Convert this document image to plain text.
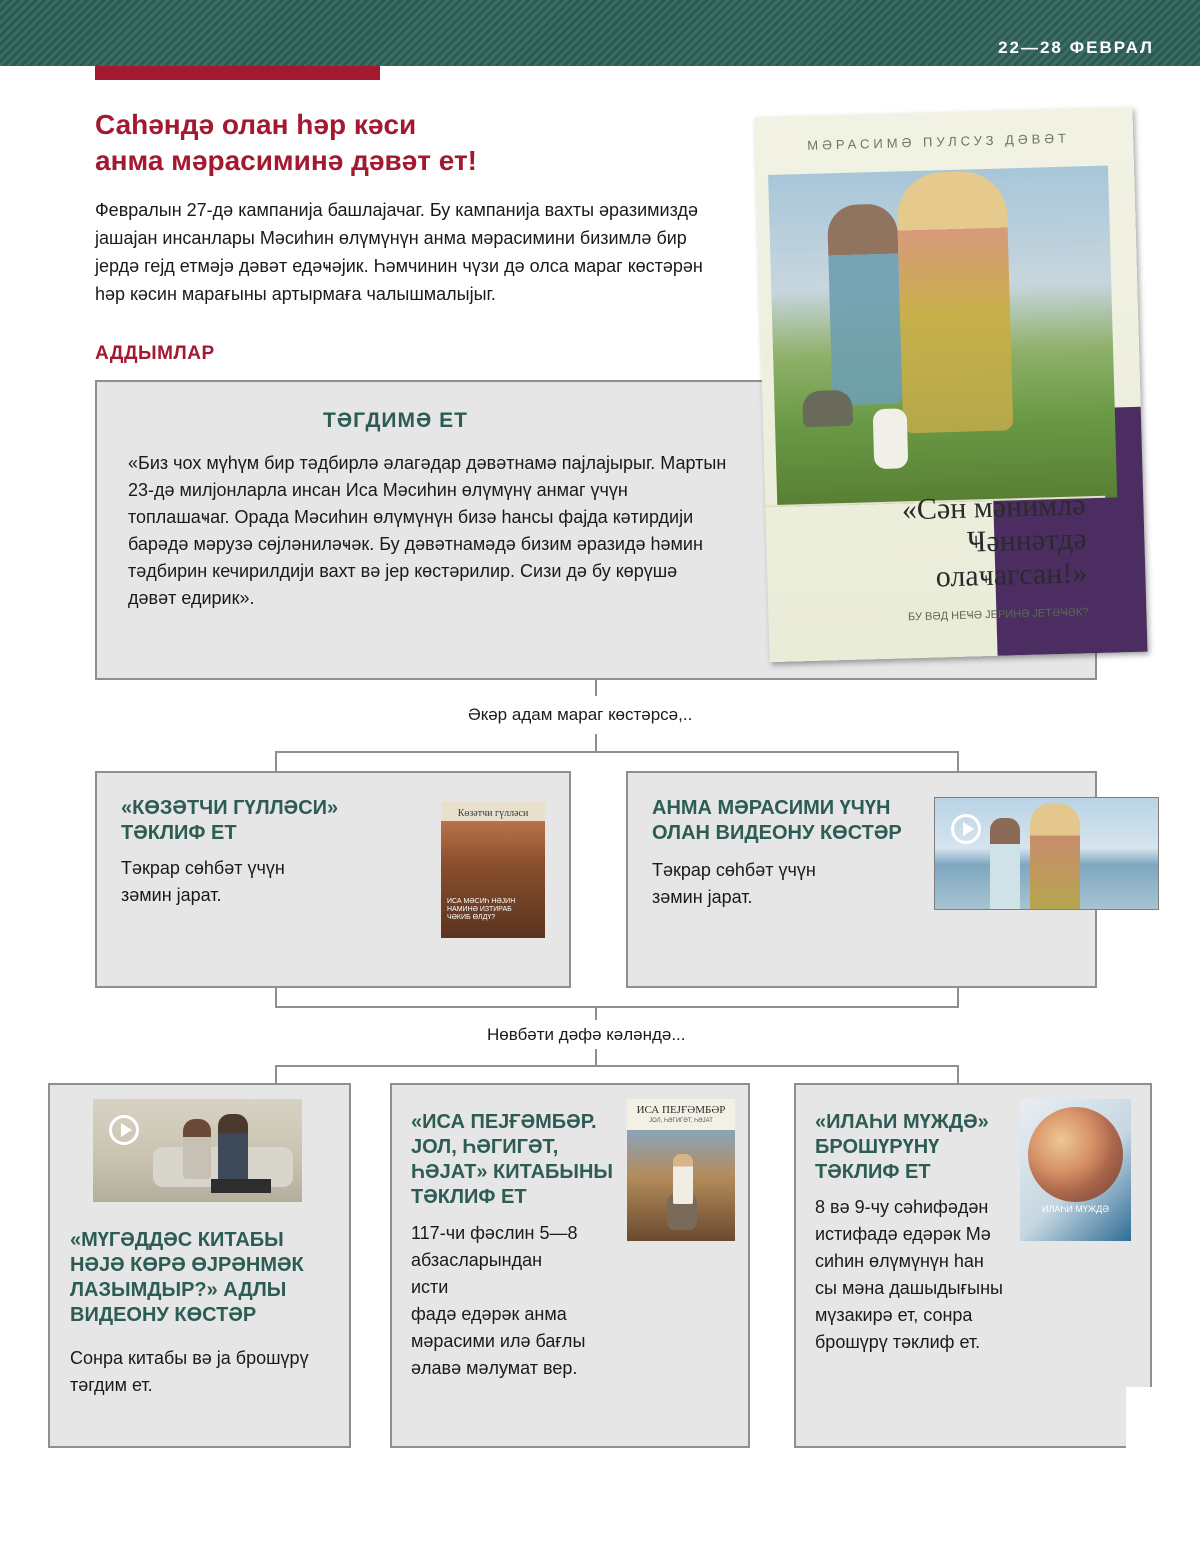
22—28 ФЕВРАЛ
Саһәндә олан һәр кәси
анма мәрасиминә дәвәт ет!

Февралын 27-дә кампанија башлајачаг. Бу кампанија вахты әразимиздә јашајан инсанлары Мәсиһин өлүмүнүн анма мәрасимини бизимлә бир јердә гејд етмәјә дәвәт едәҹәјик. Һәмчинин чүзи дә олса мараг көстәрән һәр кәсин марағыны артырмаға чалышмалыјыг.

АДДЫМЛАР
ТӘГДИМӘ ЕТ

«Биз чох мүһүм бир тәдбирлә әлагәдар дәвәтнамә пајлајырыг. Мартын 23-дә милјонларла инсан Иса Мәсиһин өлүмүнү анмаг үчүн топлашаҹаг. Орада Мәсиһин өлүмүнүн бизә һансы фајда кәтирдији барәдә мәрузә сөјләниләҹәк. Бу дәвәтнамәдә бизим әразидә һәмин тәдбирин кечирилдији вахт вә јер көстәрилир. Сизи дә бу көрүшә дәвәт едирик».

МӘРАСИМӘ ПУЛСУЗ ДӘВӘТ
«Сән мәнимлә
Ҹәннәтдә
олаҹагсан!»
БУ ВӘД НЕҸӘ ЈЕРИНӘ ЈЕТӘҸӘК?
Әкәр адам мараг көстәрсә,..
«КӨЗӘТЧИ ГҮЛЛӘСИ»
ТӘКЛИФ ЕТ

Тәкрар сөһбәт үчүн
зәмин јарат.

Көзәтчи гүлләси
ИСА МӘСИҺ НӘЈИН НАМИНӘ ИЗТИРАБ ЧӘКИБ ӨЛДҮ?
АНМА МӘРАСИМИ ҮЧҮН
ОЛАН ВИДЕОНУ КӨСТӘР

Тәкрар сөһбәт үчүн
зәмин јарат.

Нөвбәти дәфә кәләндә...
«МҮГӘДДӘС КИТАБЫ
НӘЈӘ КӨРӘ ӨЈРӘНМӘК
ЛАЗЫМДЫР?» АДЛЫ
ВИДЕОНУ КӨСТӘР

Сонра китабы вә ја брошүрү
тәгдим ет.

«ИСА ПЕЈҒӘМБӘР.
ЈОЛ, ҺӘГИГӘТ,
ҺӘЈАТ» КИТАБЫНЫ
ТӘКЛИФ ЕТ
ИСА ПЕЈҒӘМБӘР
ЈОЛ, ҺӘГИГӘТ, ҺӘЈАТ

117-чи фәслин 5—8
абзасларындан исти
фадә едәрәк анма
мәрасими илә бағлы
әлавә мәлумат вер.

«ИЛАҺИ МҮЖДӘ»
БРОШҮРҮНҮ
ТӘКЛИФ ЕТ
ИЛАҺИ МҮЖДӘ

8 вә 9-чу сәһифәдән
истифадә едәрәк Мә
сиһин өлүмүнүн һан
сы мәна дашыдығыны
мүзакирә ет, сонра
брошүрү тәклиф ет.
